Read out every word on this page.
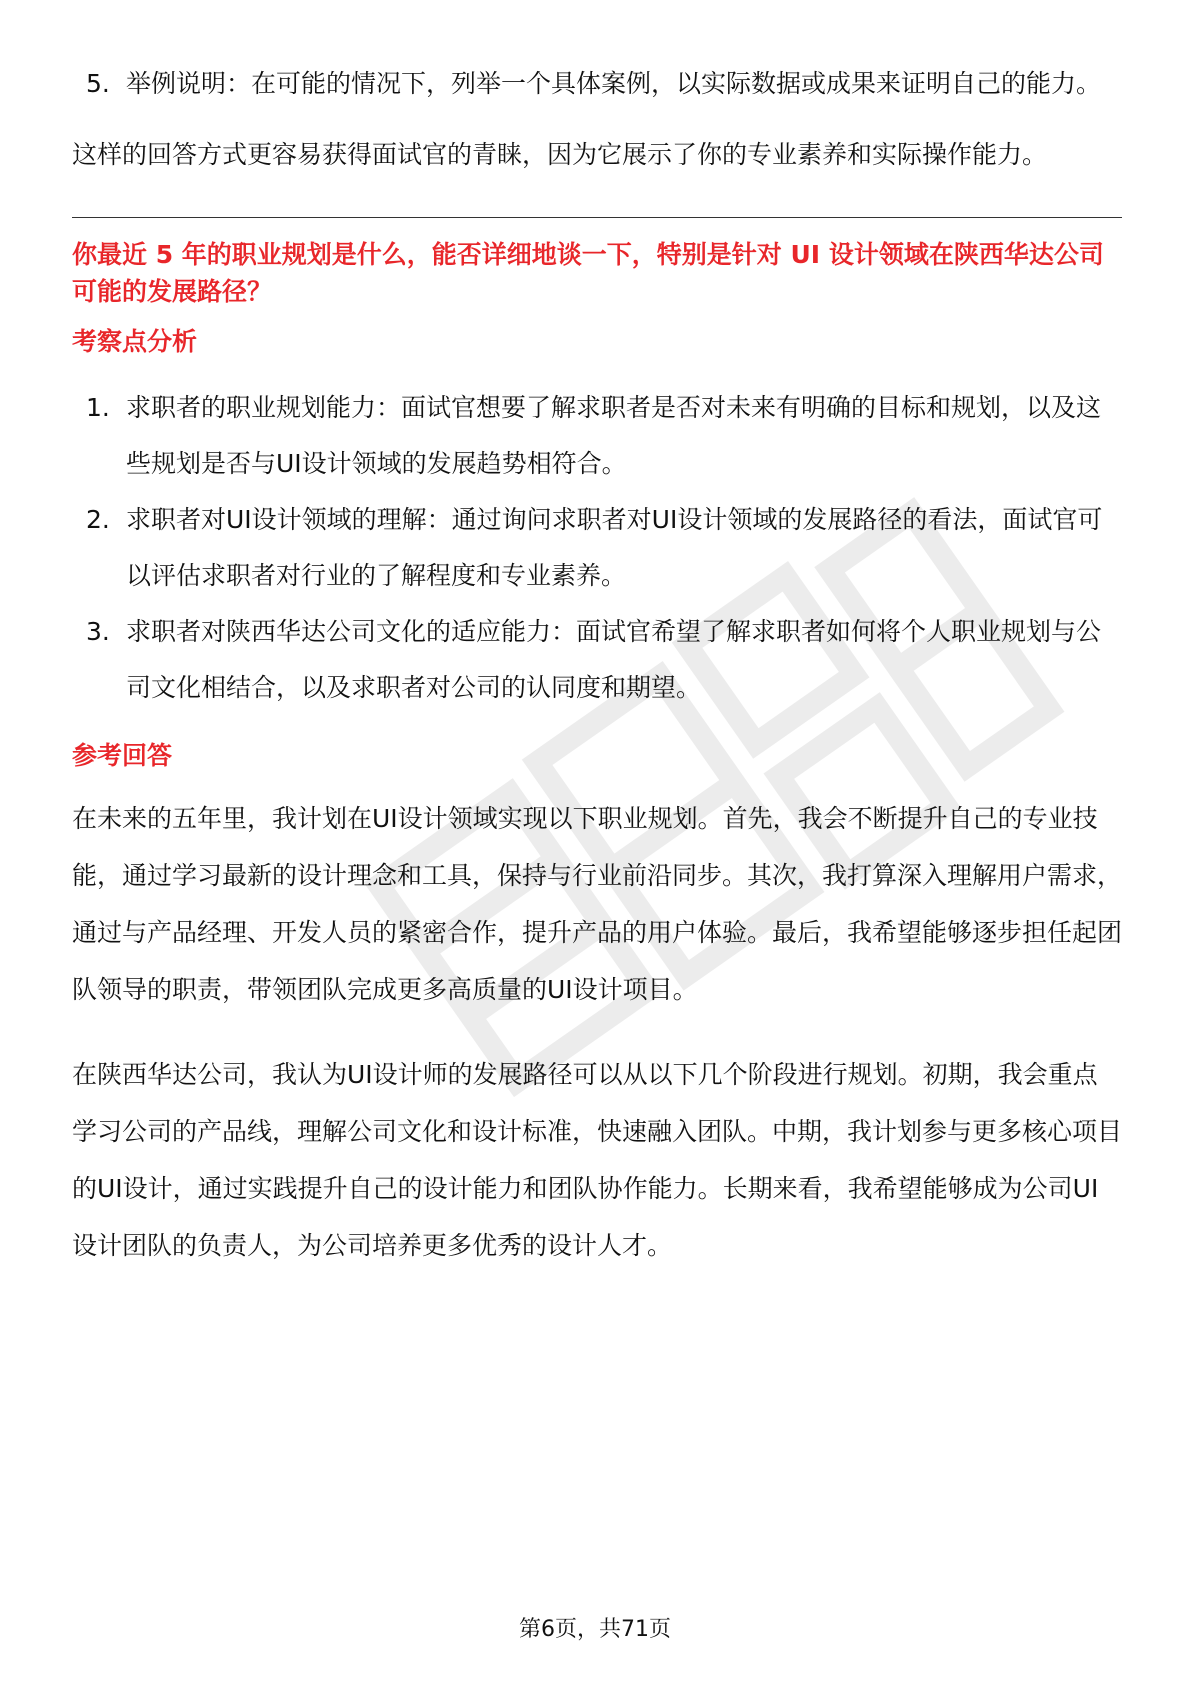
5. 举例说明：在可能的情况下，列举一个具体案例，以实际数据或成果来证明自己的能力。

这样的回答方式更容易获得面试官的青睐，因为它展示了你的专业素养和实际操作能力。

你最近 5 年的职业规划是什么，能否详细地谈一下，特别是针对 UI 设计领域在陕西华达公司可能的发展路径？
考察点分析
1. 求职者的职业规划能力：面试官想要了解求职者是否对未来有明确的目标和规划，以及这些规划是否与UI设计领域的发展趋势相符合。
2. 求职者对UI设计领域的理解：通过询问求职者对UI设计领域的发展路径的看法，面试官可以评估求职者对行业的了解程度和专业素养。
3. 求职者对陕西华达公司文化的适应能力：面试官希望了解求职者如何将个人职业规划与公司文化相结合，以及求职者对公司的认同度和期望。
参考回答

在未来的五年里，我计划在UI设计领域实现以下职业规划。首先，我会不断提升自己的专业技能，通过学习最新的设计理念和工具，保持与行业前沿同步。其次，我打算深入理解用户需求，通过与产品经理、开发人员的紧密合作，提升产品的用户体验。最后，我希望能够逐步担任起团队领导的职责，带领团队完成更多高质量的UI设计项目。

在陕西华达公司，我认为UI设计师的发展路径可以从以下几个阶段进行规划。初期，我会重点学习公司的产品线，理解公司文化和设计标准，快速融入团队。中期，我计划参与更多核心项目的UI设计，通过实践提升自己的设计能力和团队协作能力。长期来看，我希望能够成为公司UI设计团队的负责人，为公司培养更多优秀的设计人才。

第6页，共71页
